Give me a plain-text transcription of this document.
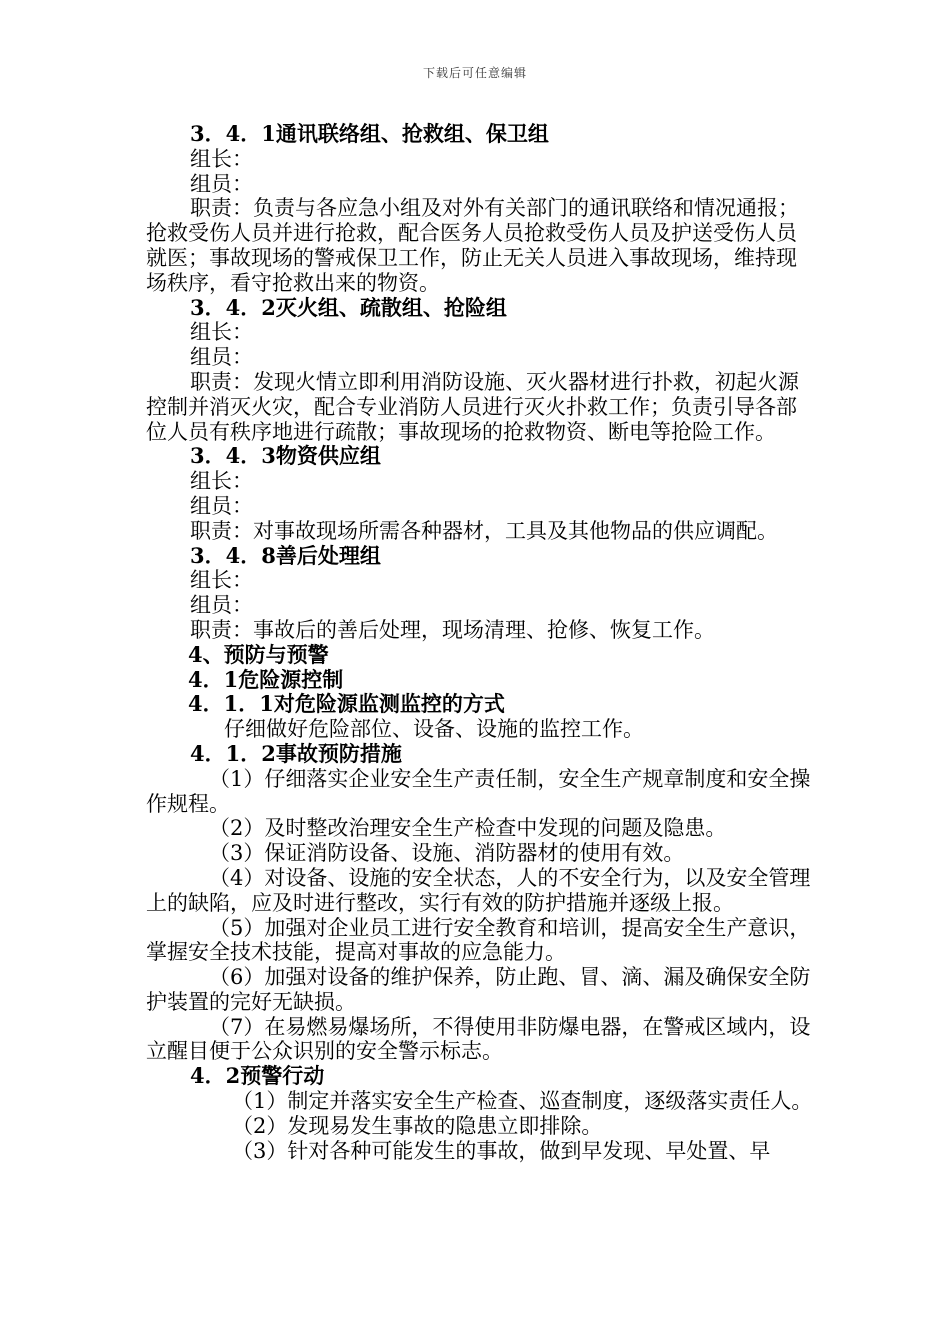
下载后可任意编辑

3．4．1通讯联络组、抢救组、保卫组

组长：

组员：

职责：负责与各应急小组及对外有关部门的通讯联络和情况通报；抢救受伤人员并进行抢救，配合医务人员抢救受伤人员及护送受伤人员就医；事故现场的警戒保卫工作，防止无关人员进入事故现场，维持现场秩序，看守抢救出来的物资。

3．4．2灭火组、疏散组、抢险组

组长：

组员：

职责：发现火情立即利用消防设施、灭火器材进行扑救，初起火源控制并消灭火灾，配合专业消防人员进行灭火扑救工作；负责引导各部位人员有秩序地进行疏散；事故现场的抢救物资、断电等抢险工作。

3．4．3物资供应组

组长：

组员：

职责：对事故现场所需各种器材，工具及其他物品的供应调配。

3．4．8善后处理组

组长：

组员：

职责：事故后的善后处理，现场清理、抢修、恢复工作。

4、预防与预警

4．1危险源控制

4．1．1对危险源监测监控的方式

仔细做好危险部位、设备、设施的监控工作。

4．1．2事故预防措施

（1）仔细落实企业安全生产责任制，安全生产规章制度和安全操作规程。

（2）及时整改治理安全生产检查中发现的问题及隐患。

（3）保证消防设备、设施、消防器材的使用有效。

（4）对设备、设施的安全状态，人的不安全行为，以及安全管理上的缺陷，应及时进行整改，实行有效的防护措施并逐级上报。

（5）加强对企业员工进行安全教育和培训，提高安全生产意识，掌握安全技术技能，提高对事故的应急能力。

（6）加强对设备的维护保养，防止跑、冒、滴、漏及确保安全防护装置的完好无缺损。

（7）在易燃易爆场所，不得使用非防爆电器，在警戒区域内，设立醒目便于公众识别的安全警示标志。

4．2预警行动

（1）制定并落实安全生产检查、巡查制度，逐级落实责任人。

（2）发现易发生事故的隐患立即排除。

（3）针对各种可能发生的事故，做到早发现、早处置、早
